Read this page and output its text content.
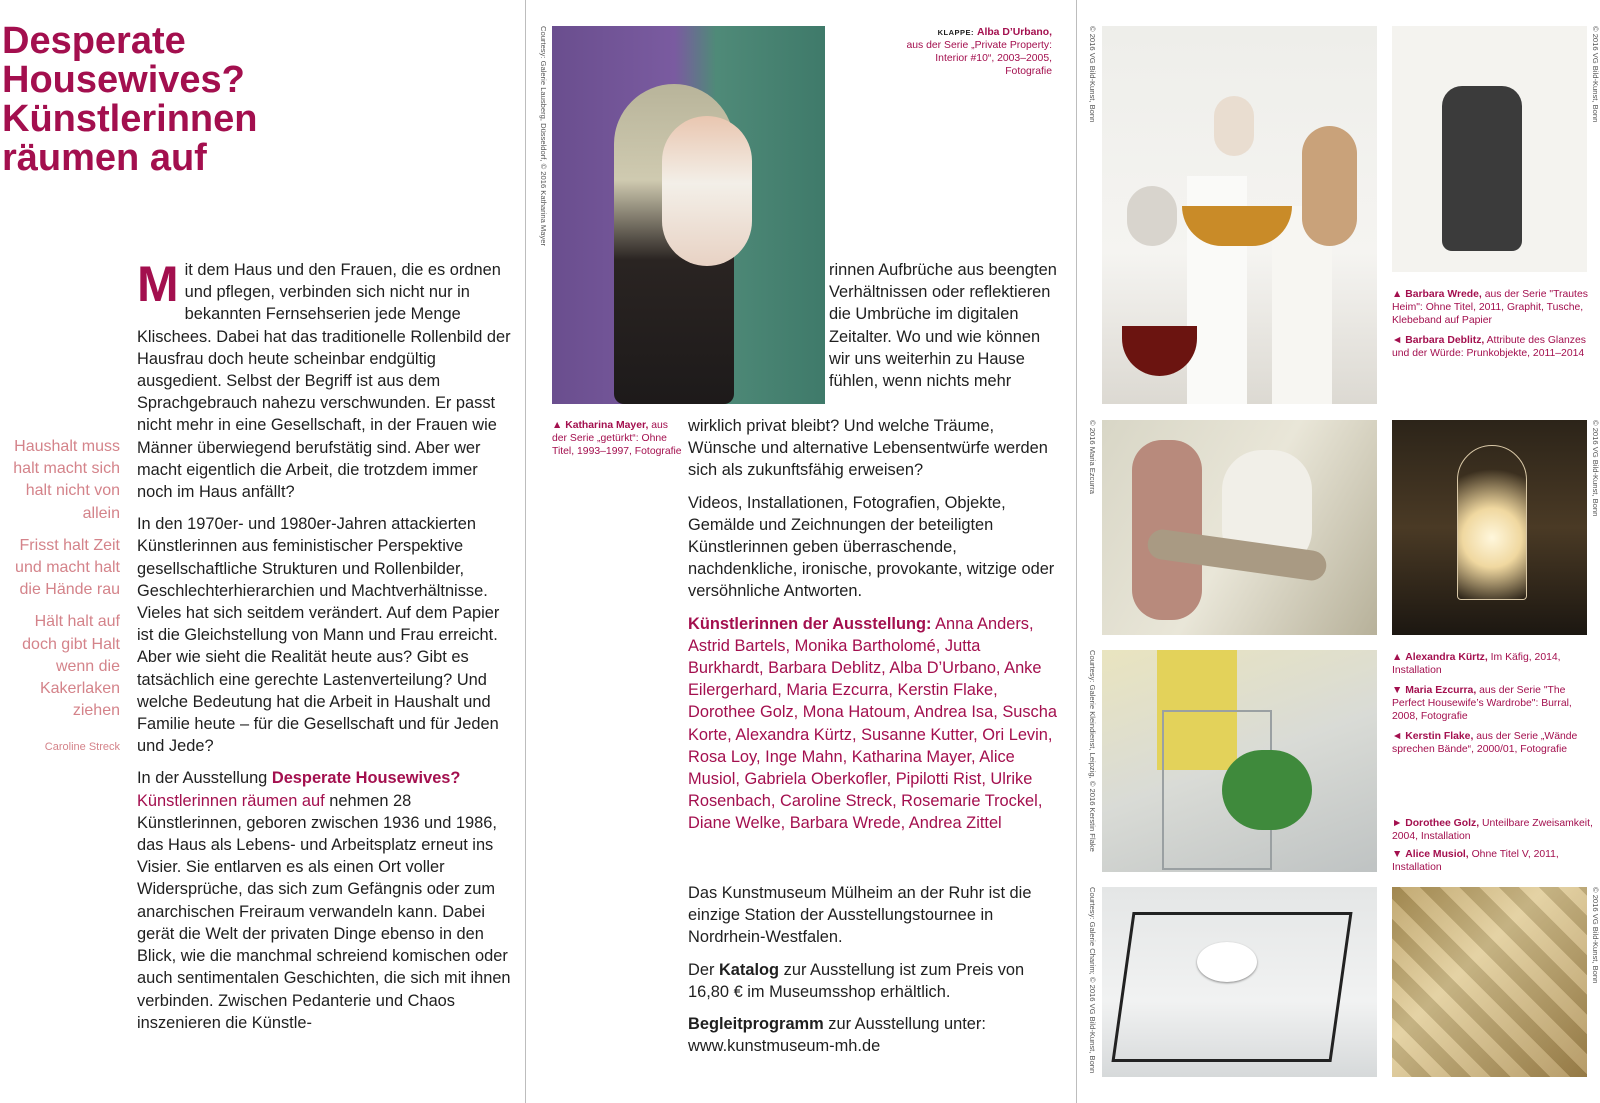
Desperate
Housewives?
Künstlerinnen
räumen auf
Haushalt muss halt macht sich halt nicht von allein
Frisst halt Zeit und macht halt die Hände rau
Hält halt auf doch gibt Halt wenn die Kakerlaken ziehen
Caroline Streck

Mit dem Haus und den Frauen, die es ordnen und pflegen, verbinden sich nicht nur in bekannten Fernsehserien jede Menge Klischees. Dabei hat das traditionelle Rollenbild der Hausfrau doch heute scheinbar endgültig ausgedient. Selbst der Begriff ist aus dem Sprachgebrauch nahezu verschwunden. Er passt nicht mehr in eine Gesellschaft, in der Frauen wie Männer überwiegend berufstätig sind. Aber wer macht eigentlich die Arbeit, die trotzdem immer noch im Haus anfällt?

In den 1970er- und 1980er-Jahren attackierten Künstlerinnen aus feministischer Perspektive gesellschaftliche Strukturen und Rollenbilder, Geschlechterhierarchien und Machtverhältnisse. Vieles hat sich seitdem verändert. Auf dem Papier ist die Gleichstellung von Mann und Frau erreicht. Aber wie sieht die Realität heute aus? Gibt es tatsächlich eine gerechte Lastenverteilung? Und welche Bedeutung hat die Arbeit in Haushalt und Familie heute – für die Gesellschaft und für Jeden und Jede?

In der Ausstellung Desperate Housewives? Künstlerinnen räumen auf nehmen 28 Künstlerinnen, geboren zwischen 1936 und 1986, das Haus als Lebens- und Arbeitsplatz erneut ins Visier. Sie entlarven es als einen Ort voller Widersprüche, das sich zum Gefängnis oder zum anarchischen Freiraum verwandeln kann. Dabei gerät die Welt der privaten Dinge ebenso in den Blick, wie die manchmal schreiend komischen oder auch sentimentalen Geschichten, die sich mit ihnen verbinden. Zwischen Pedanterie und Chaos inszenieren die Künstle-

rinnen Aufbrüche aus beengten Verhältnissen oder reflektieren die Umbrüche im digitalen Zeitalter. Wo und wie können wir uns weiterhin zu Hause fühlen, wenn nichts mehr

wirklich privat bleibt? Und welche Träume, Wünsche und alternative Lebensentwürfe werden sich als zukunftsfähig erweisen?

Videos, Installationen, Fotografien, Objekte, Gemälde und Zeichnungen der beteiligten Künstlerinnen geben überraschende, nachdenkliche, ironische, provokante, witzige oder versöhnliche Antworten.

Künstlerinnen der Ausstellung: Anna Anders, Astrid Bartels, Monika Bartholomé, Jutta Burkhardt, Barbara Deblitz, Alba D’Urbano, Anke Eilergerhard, Maria Ezcurra, Kerstin Flake, Dorothee Golz, Mona Hatoum, Andrea Isa, Suscha Korte, Alexandra Kürtz, Susanne Kutter, Ori Levin, Rosa Loy, Inge Mahn, Katharina Mayer, Alice Musiol, Gabriela Oberkofler, Pipilotti Rist, Ulrike Rosenbach, Caroline Streck, Rosemarie Trockel, Diane Welke, Barbara Wrede, Andrea Zittel

Das Kunstmuseum Mülheim an der Ruhr ist die einzige Station der Ausstellungstournee in Nordrhein-Westfalen.

Der Katalog zur Ausstellung ist zum Preis von 16,80 € im Museumsshop erhältlich.

Begleitprogramm zur Ausstellung unter:
www.kunstmuseum-mh.de

KLAPPE: Alba D’Urbano,
aus der Serie „Private Property: Interior #10“, 2003–2005, Fotografie
▲ Katharina Mayer, aus der Serie „getürkt“: Ohne Titel, 1993–1997, Fotografie
▲ Barbara Wrede, aus der Serie "Trautes Heim": Ohne Titel, 2011, Graphit, Tusche, Klebeband auf Papier
◄ Barbara Deblitz, Attribute des Glanzes und der Würde: Prunkobjekte, 2011–2014
▲ Alexandra Kürtz, Im Käfig, 2014, Installation
▼ Maria Ezcurra, aus der Serie "The Perfect Housewife’s Wardrobe": Burral, 2008, Fotografie
◄ Kerstin Flake, aus der Serie „Wände sprechen Bände“, 2000/01, Fotografie
► Dorothee Golz, Unteilbare Zweisamkeit, 2004, Installation
▼ Alice Musiol, Ohne Titel V, 2011, Installation
Courtesy: Galerie Lausberg, Düsseldorf, © 2016 Katharina Mayer	© 2016 VG Bild-Kunst, Bonn	© 2016 VG Bild-Kunst, Bonn
© 2016 Maria Ezcurra	© 2016 VG Bild-Kunst, Bonn
Courtesy: Galerie Kleindienst, Leipzig, © 2016 Kerstin Flake
Courtesy: Galerie Charim; © 2016 VG Bild-Kunst, Bonn	© 2016 VG Bild-Kunst, Bonn
